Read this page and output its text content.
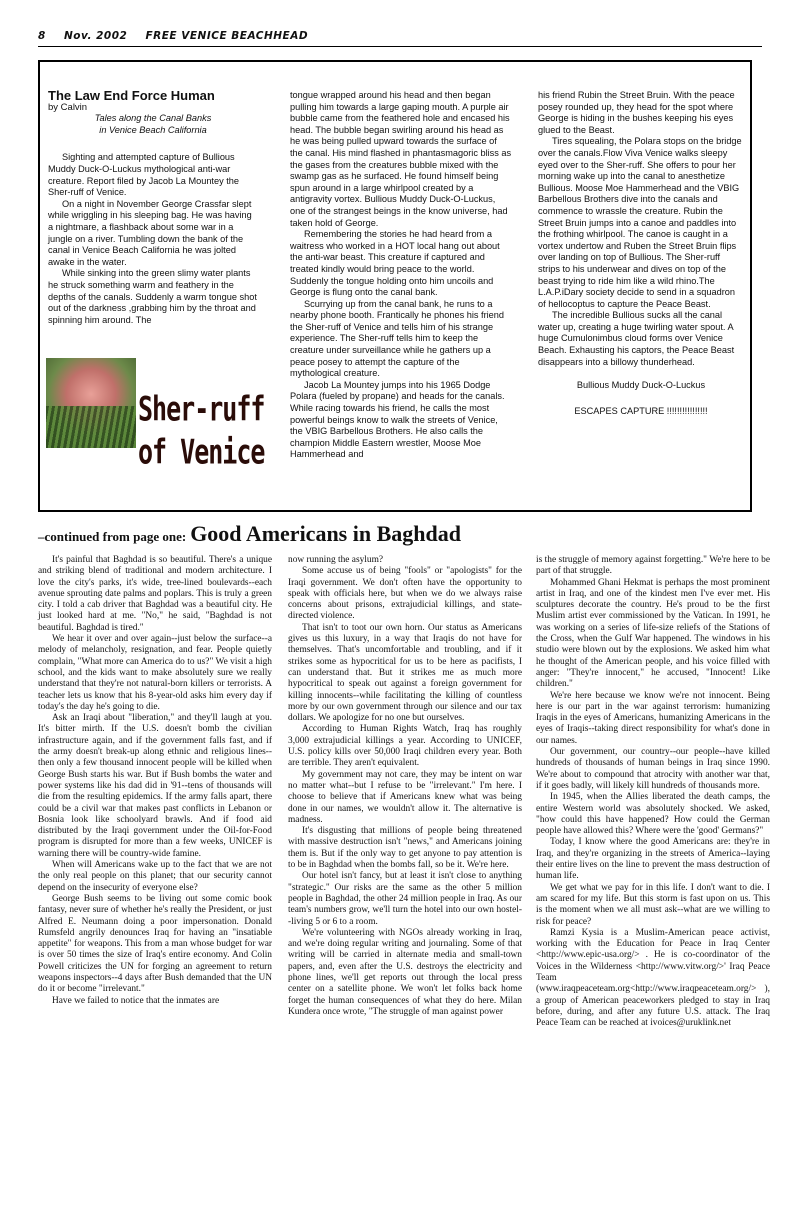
8 Nov. 2002 FREE VENICE BEACHHEAD

The Law End Force Human

by Calvin

Tales along the Canal Banks
in Venice Beach California

Sighting and attempted capture of Bullious Muddy Duck-O-Luckus mythological anti-war creature. Report filed by Jacob La Mountey the Sher-ruff of Venice.

On a night in November George Crassfar slept while wriggling in his sleeping bag. He was having a nightmare, a flashback about some war in a jungle on a river. Tumbling down the bank of the canal in Venice Beach California he was jolted awake in the water.

While sinking into the green slimy water plants he struck something warm and feathery in the depths of the canals. Suddenly a warm tongue shot out of the darkness ,grabbing him by the throat and spinning him around. The

Sher-ruff
of Venice

tongue wrapped around his head and then began pulling him towards a large gaping mouth. A purple air bubble came from the feathered hole and encased his head. The bubble began swirling around his head as he was being pulled upward towards the surface of the canal. His mind flashed in phantasmagoric bliss as the gases from the creatures bubble mixed with the swamp gas as he surfaced. He found himself being spun around in a large whirlpool created by a antigravity vortex. Bullious Muddy Duck-O-Luckus, one of the strangest beings in the know universe, had taken hold of George.

Remembering the stories he had heard from a waitress who worked in a HOT local hang out about the anti-war beast. This creature if captured and treated kindly would bring peace to the world. Suddenly the tongue holding onto him uncoils and George is flung onto the canal bank.

Scurrying up from the canal bank, he runs to a nearby phone booth. Frantically he phones his friend the Sher-ruff of Venice and tells him of his strange experience. The Sher-ruff tells him to keep the creature under surveillance while he gathers up a peace posey to attempt the capture of the mythological creature.

Jacob La Mountey jumps into his 1965 Dodge Polara (fueled by propane) and heads for the canals. While racing towards his friend, he calls the most powerful beings know to walk the streets of Venice, the VBIG Barbellous Brothers. He also calls the champion Middle Eastern wrestler, Moose Moe Hammerhead and

his friend Rubin the Street Bruin. With the peace posey rounded up, they head for the spot where George is hiding in the bushes keeping his eyes glued to the Beast.

Tires squealing, the Polara stops on the bridge over the canals.Flow Viva Venice walks sleepy eyed over to the Sher-ruff. She offers to pour her morning wake up into the canal to anesthetize Bullious. Moose Moe Hammerhead and the VBIG Barbellous Brothers dive into the canals and commence to wrassle the creature. Rubin the Street Bruin jumps into a canoe and paddles into the frothing whirlpool. The canoe is caught in a vortex undertow and Ruben the Street Bruin flips over landing on top of Bullious. The Sher-ruff strips to his underwear and dives on top of the beast trying to ride him like a wild rhino.The L.A.P.iDary society decide to send in a squadron of hellocoptus to capture the Peace Beast.

The incredible Bullious sucks all the canal water up, creating a huge twirling water spout. A huge Cumulonimbus cloud forms over Venice Beach. Exhausting his captors, the Peace Beast disappears into a billowy thunderhead.

Bullious Muddy Duck-O-Luckus

ESCAPES CAPTURE !!!!!!!!!!!!!!!!

–continued from page one: Good Americans in Baghdad

It's painful that Baghdad is so beautiful. There's a unique and striking blend of traditional and modern architecture. I love the city's parks, it's wide, tree-lined boulevards--each avenue sprouting date palms and poplars. This is truly a green city. I told a cab driver that Baghdad was a beautiful city. He just looked hard at me. "No," he said, "Baghdad is not beautiful. Baghdad is tired."

We hear it over and over again--just below the surface--a melody of melancholy, resignation, and fear. People quietly complain, "What more can America do to us?" We visit a high school, and the kids want to make absolutely sure we really understand that they're not natural-born killers or terrorists. A teacher lets us know that his 8-year-old asks him every day if today's the day he's going to die.

Ask an Iraqi about "liberation," and they'll laugh at you. It's bitter mirth. If the U.S. doesn't bomb the civilian infrastructure again, and if the government falls fast, and if the army doesn't break-up along ethnic and religious lines--then only a few thousand innocent people will be killed when George Bush starts his war. But if Bush bombs the water and power systems like his dad did in '91--tens of thousands will die from the resulting epidemics. If the army falls apart, there could be a civil war that makes past conflicts in Lebanon or Bosnia look like schoolyard brawls. And if food aid distributed by the Iraqi government under the Oil-for-Food program is disrupted for more than a few weeks, UNICEF is warning there will be country-wide famine.

When will Americans wake up to the fact that we are not the only real people on this planet; that our security cannot depend on the insecurity of everyone else?

George Bush seems to be living out some comic book fantasy, never sure of whether he's really the President, or just Alfred E. Neumann doing a poor impersonation. Donald Rumsfeld angrily denounces Iraq for having an "insatiable appetite" for weapons. This from a man whose budget for war is over 50 times the size of Iraq's entire economy. And Colin Powell criticizes the UN for forging an agreement to return weapons inspectors--4 days after Bush demanded that the UN do it or become "irrelevant."

Have we failed to notice that the inmates are

now running the asylum?

Some accuse us of being "fools" or "apologists" for the Iraqi government. We don't often have the opportunity to speak with officials here, but when we do we always raise concerns about prisons, extrajudicial killings, and state-directed violence.

That isn't to toot our own horn. Our status as Americans gives us this luxury, in a way that Iraqis do not have for themselves. That's uncomfortable and troubling, and if it strikes some as hypocritical for us to be here as pacifists, I can understand that. But it strikes me as much more hypocritical to speak out against a foreign government for killing innocents--while facilitating the killing of countless more by our own government through our silence and our tax dollars. We apologize for no one but ourselves.

According to Human Rights Watch, Iraq has roughly 3,000 extrajudicial killings a year. According to UNICEF, U.S. policy kills over 50,000 Iraqi children every year. Both are terrible. They aren't equivalent.

My government may not care, they may be intent on war no matter what--but I refuse to be "irrelevant." I'm here. I choose to believe that if Americans knew what was being done in our names, we wouldn't allow it. The alternative is madness.

It's disgusting that millions of people being threatened with massive destruction isn't "news," and Americans joining them is. But if the only way to get anyone to pay attention is to be in Baghdad when the bombs fall, so be it. We're here.

Our hotel isn't fancy, but at least it isn't close to anything "strategic." Our risks are the same as the other 5 million people in Baghdad, the other 24 million people in Iraq. As our team's numbers grow, we'll turn the hotel into our own hostel--living 5 or 6 to a room.

We're volunteering with NGOs already working in Iraq, and we're doing regular writing and journaling. Some of that writing will be carried in alternate media and small-town papers, and, even after the U.S. destroys the electricity and phone lines, we'll get reports out through the local press center on a satellite phone. We won't let folks back home forget the human consequences of what they do here. Milan Kundera once wrote, "The struggle of man against power

is the struggle of memory against forgetting." We're here to be part of that struggle.

Mohammed Ghani Hekmat is perhaps the most prominent artist in Iraq, and one of the kindest men I've ever met. His sculptures decorate the country. He's proud to be the first Muslim artist ever commissioned by the Vatican. In 1991, he was working on a series of life-size reliefs of the Stations of the Cross, when the Gulf War happened. The windows in his studio were blown out by the explosions. We asked him what he thought of the American people, and his voice filled with anger: "They're innocent," he accused, "Innocent! Like children."

We're here because we know we're not innocent. Being here is our part in the war against terrorism: humanizing Iraqis in the eyes of Americans, humanizing Americans in the eyes of Iraqis--taking direct responsibility for what's done in our names.

Our government, our country--our people--have killed hundreds of thousands of human beings in Iraq since 1990. We're about to compound that atrocity with another war that, if it goes badly, will likely kill hundreds of thousands more.

In 1945, when the Allies liberated the death camps, the entire Western world was absolutely shocked. We asked, "how could this have happened? How could the German people have allowed this? Where were the 'good' Germans?"

Today, I know where the good Americans are: they're in Iraq, and they're organizing in the streets of America--laying their entire lives on the line to prevent the mass destruction of human life.

We get what we pay for in this life. I don't want to die. I am scared for my life. But this storm is fast upon on us. This is the moment when we all must ask--what are we willing to risk for peace?

Ramzi Kysia is a Muslim-American peace activist, working with the Education for Peace in Iraq Center <http://www.epic-usa.org/> . He is co-coordinator of the Voices in the Wilderness <http://www.vitw.org/>' Iraq Peace Team (www.iraqpeaceteam.org<http://www.iraqpeaceteam.org/> ), a group of American peaceworkers pledged to stay in Iraq before, during, and after any future U.S. attack. The Iraq Peace Team can be reached at ivoices@uruklink.net
